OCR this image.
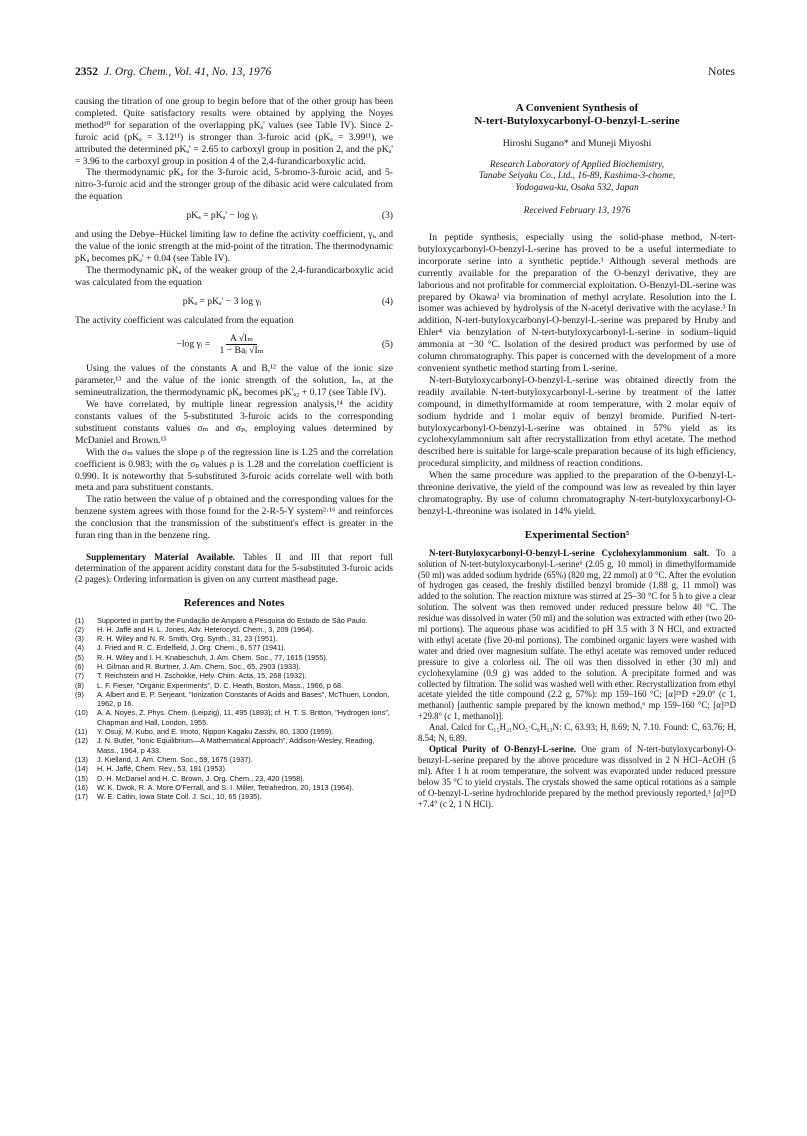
2352 J. Org. Chem., Vol. 41, No. 13, 1976	Notes

causing the titration of one group to begin before that of the other group has been completed. Quite satisfactory results were obtained by applying the Noyes method¹⁰ for separation of the overlapping pKₐ' values (see Table IV). Since 2-furoic acid (pKₐ = 3.12¹¹) is stronger than 3-furoic acid (pKₐ = 3.99¹¹), we attributed the determined pKₐ' = 2.65 to carboxyl group in position 2, and the pKₐ' = 3.96 to the carboxyl group in position 4 of the 2,4-furandicarboxylic acid.

The thermodynamic pKₐ for the 3-furoic acid, 5-bromo-3-furoic acid, and 5-nitro-3-furoic acid and the stronger group of the dibasic acid were calculated from the equation

pKₐ = pKₐ' − log γᵢ	(3)

and using the Debye–Hückel limiting law to define the activity coefficient, γᵢ, and the value of the ionic strength at the mid-point of the titration. The thermodynamic pKₐ becomes pKₐ' + 0.04 (see Table IV).

The thermodynamic pKₐ of the weaker group of the 2,4-furandicarboxylic acid was calculated from the equation

pKₐ = pKₐ' − 3 log γᵢ	(4)

The activity coefficient was calculated from the equation

−log γᵢ = $\frac{\text{A √Iₘ}}{\text{1 − Baᵢ √Iₘ}}$	(5)

Using the values of the constants A and B,¹² the value of the ionic size parameter,¹³ and the value of the ionic strength of the solution, Iₘ, at the semineutralization, the thermodynamic pKₐ becomes pK'ₐ₂ + 0.17 (see Table IV).

We have correlated, by multiple linear regression analysis,¹⁴ the acidity constants values of the 5-substituted 3-furoic acids to the corresponding substituent constants values σₘ and σₚ, employing values determined by McDaniel and Brown.¹⁵

With the σₘ values the slope ρ of the regression line is 1.25 and the correlation coefficient is 0.983; with the σₚ values ρ is 1.28 and the correlation coefficient is 0.990. It is noteworthy that 5-substituted 3-furoic acids correlate well with both meta and para substituent constants.

The ratio between the value of ρ obtained and the corresponding values for the benzene system agrees with those found for the 2-R-5-Y system²·¹⁶ and reinforces the conclusion that the transmission of the substituent's effect is greater in the furan ring than in the benzene ring.

Supplementary Material Available. Tables II and III that report full determination of the apparent acidity constant data for the 5-substituted 3-furoic acids (2 pages). Ordering information is given on any current masthead page.

References and Notes
(1) Supported in part by the Fundação de Amparo à Pesquisa do Estado de São Paulo.
(2) H. H. Jaffé and H. L. Jones, Adv. Heterocycl. Chem., 3, 209 (1964).
(3) R. H. Wiley and N. R. Smith, Org. Synth., 31, 23 (1951).
(4) J. Fried and R. C. Erdelfield, J. Org. Chem., 6, 577 (1941).
(5) R. H. Wiley and I. H. Knabeschuh, J. Am. Chem. Soc., 77, 1615 (1955).
(6) H. Gilman and R. Burtner, J. Am. Chem. Soc., 65, 2903 (1933).
(7) T. Reichstein and H. Zschokke, Helv. Chim. Acta, 15, 268 (1932).
(8) L. F. Fieser, "Organic Experiments", D. C. Heath, Boston, Mass., 1966, p 68.
(9) A. Albert and E. P. Serjeant, "Ionization Constants of Acids and Bases", McThuen, London, 1962, p 16.
(10) A. A. Noyes, Z. Phys. Chem. (Leipzig), 11, 495 (1893); cf. H. T. S. Britton, "Hydrogen Ions", Chapman and Hall, London, 1955.
(11) Y. Osuji, M. Kubo, and E. Imoto, Nippon Kagaku Zasshi, 80, 1300 (1959).
(12) J. N. Butler, "Ionic Equilibrium—A Mathematical Approach", Addison-Wesley, Reading, Mass., 1964, p 433.
(13) J. Kielland, J. Am. Chem. Soc., 59, 1675 (1937).
(14) H. H. Jaffé, Chem. Rev., 53, 191 (1953).
(15) D. H. McDaniel and H. C. Brown, J. Org. Chem., 23, 420 (1958).
(16) W. K. Dwok, R. A. More O'Ferrall, and S. I. Miller, Tetrahedron, 20, 1913 (1964).
(17) W. E. Catlin, Iowa State Coll. J. Sci., 10, 65 (1935).
A Convenient Synthesis of
N-tert-Butyloxycarbonyl-O-benzyl-L-serine
Hiroshi Sugano* and Muneji Miyoshi
Research Laboratory of Applied Biochemistry,
Tanabe Seiyaku Co., Ltd., 16-89, Kashima-3-chome,
Yodogawa-ku, Osaka 532, Japan
Received February 13, 1976

In peptide synthesis, especially using the solid-phase method, N-tert-butyloxycarbonyl-O-benzyl-L-serine has proved to be a useful intermediate to incorporate serine into a synthetic peptide.¹ Although several methods are currently available for the preparation of the O-benzyl derivative, they are laborious and not profitable for commercial exploitation. O-Benzyl-DL-serine was prepared by Okawa² via bromination of methyl acrylate. Resolution into the L isomer was achieved by hydrolysis of the N-acetyl derivative with the acylase.³ In addition, N-tert-butyloxycarbonyl-O-benzyl-L-serine was prepared by Hruby and Ehler⁴ via benzylation of N-tert-butyloxycarbonyl-L-serine in sodium–liquid ammonia at −30 °C. Isolation of the desired product was performed by use of column chromatography. This paper is concerned with the development of a more convenient synthetic method starting from L-serine.

N-tert-Butyloxycarbonyl-O-benzyl-L-serine was obtained directly from the readily available N-tert-butyloxycarbonyl-L-serine by treatment of the latter compound, in dimethylformamide at room temperature, with 2 molar equiv of sodium hydride and 1 molar equiv of benzyl bromide. Purified N-tert-butyloxycarbonyl-O-benzyl-L-serine was obtained in 57% yield as its cyclohexylammonium salt after recrystallization from ethyl acetate. The method described here is suitable for large-scale preparation because of its high efficiency, procedural simplicity, and mildness of reaction conditions.

When the same procedure was applied to the preparation of the O-benzyl-L-threonine derivative, the yield of the compound was low as revealed by thin layer chromatography. By use of column chromatography N-tert-butyloxycarbonyl-O-benzyl-L-threonine was isolated in 14% yield.

Experimental Section⁵

N-tert-Butyloxycarbonyl-O-benzyl-L-serine Cyclohexylammonium salt. To a solution of N-tert-butyloxycarbonyl-L-serine⁶ (2.05 g, 10 mmol) in dimethylformamide (50 ml) was added sodium hydride (65%) (820 mg, 22 mmol) at 0 °C. After the evolution of hydrogen gas ceased, the freshly distilled benzyl bromide (1.88 g, 11 mmol) was added to the solution. The reaction mixture was stirred at 25–30 °C for 5 h to give a clear solution. The solvent was then removed under reduced pressure below 40 °C. The residue was dissolved in water (50 ml) and the solution was extracted with ether (two 20-ml portions). The aqueous phase was acidified to pH 3.5 with 3 N HCl, and extracted with ethyl acetate (five 20-ml portions). The combined organic layers were washed with water and dried over magnesium sulfate. The ethyl acetate was removed under reduced pressure to give a colorless oil. The oil was then dissolved in ether (30 ml) and cyclohexylamine (0.9 g) was added to the solution. A precipitate formed and was collected by filtration. The solid was washed well with ether. Recrystallization from ethyl acetate yielded the title compound (2.2 g, 57%): mp 159–160 °C; [α]²⁵D +29.0° (c 1, methanol) [authentic sample prepared by the known method,⁶ mp 159–160 °C; [α]²⁵D +29.8° (c 1, methanol)].

Anal. Calcd for C₁₅H₂₁NO₅·C₆H₁₃N: C, 63.93; H, 8.69; N, 7.10. Found: C, 63.76; H, 8.54; N, 6.89.

Optical Purity of O-Benzyl-L-serine. One gram of N-tert-butyloxycarbonyl-O-benzyl-L-serine prepared by the above procedure was dissolved in 2 N HCl–AcOH (5 ml). After 1 h at room temperature, the solvent was evaporated under reduced pressure below 35 °C to yield crystals. The crystals showed the same optical rotations as a sample of O-benzyl-L-serine hydrochloride prepared by the method previously reported,³ [α]²⁵D +7.4° (c 2, 1 N HCl).
